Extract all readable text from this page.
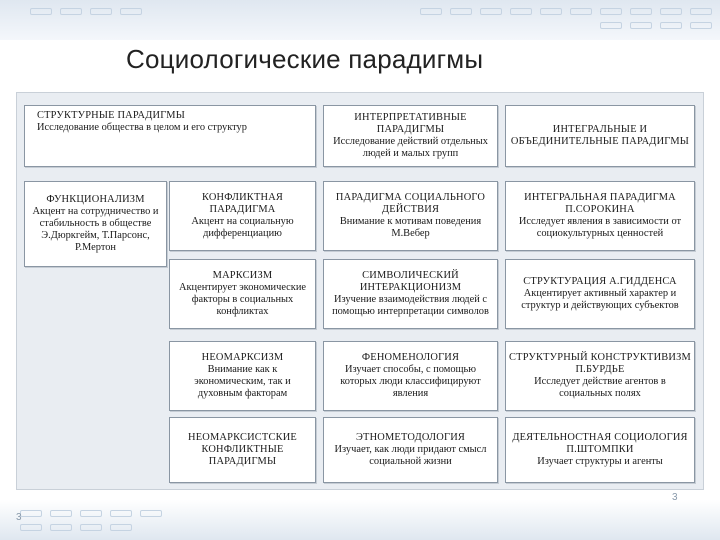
Социологические парадигмы
СТРУКТУРНЫЕ ПАРАДИГМЫ
Исследование общества в целом и его структур
ИНТЕРПРЕТАТИВНЫЕ ПАРАДИГМЫ
Исследование действий отдельных людей и малых групп
ИНТЕГРАЛЬНЫЕ И ОБЪЕДИНИТЕЛЬНЫЕ ПАРАДИГМЫ
ФУНКЦИОНАЛИЗМ
Акцент на сотрудничество и стабильность в обществе Э.Дюркгейм, Т.Парсонс, Р.Мертон
КОНФЛИКТНАЯ ПАРАДИГМА
Акцент на социальную дифференциацию
МАРКСИЗМ
Акцентирует экономические факторы в социальных конфликтах
НЕОМАРКСИЗМ
Внимание как к экономическим, так и духовным факторам
НЕОМАРКСИСТСКИЕ КОНФЛИКТНЫЕ ПАРАДИГМЫ
ПАРАДИГМА СОЦИАЛЬНОГО ДЕЙСТВИЯ
Внимание к мотивам поведения М.Вебер
СИМВОЛИЧЕСКИЙ ИНТЕРАКЦИОНИЗМ
Изучение взаимодействия людей с помощью интерпретации символов
ФЕНОМЕНОЛОГИЯ
Изучает способы, с помощью которых люди классифицируют явления
ЭТНОМЕТОДОЛОГИЯ
Изучает, как люди придают смысл социальной жизни
ИНТЕГРАЛЬНАЯ ПАРАДИГМА П.СОРОКИНА
Исследует явления в зависимости от социокультурных ценностей
СТРУКТУРАЦИЯ А.ГИДДЕНСА
Акцентирует активный характер и структур и действующих субъектов
СТРУКТУРНЫЙ КОНСТРУКТИВИЗМ П.БУРДЬЕ
Исследует действие агентов в социальных полях
ДЕЯТЕЛЬНОСТНАЯ СОЦИОЛОГИЯ П.ШТОМПКИ
Изучает структуры и агенты
3
3
